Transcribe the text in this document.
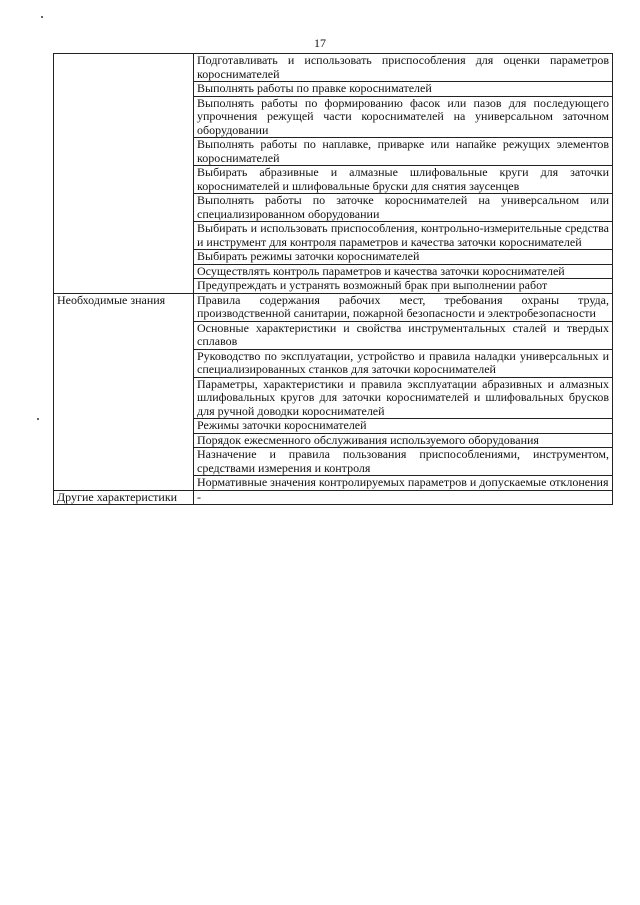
17
	Подготавливать и использовать приспособления для оценки параметров короснимателей
	Выполнять работы по правке короснимателей
	Выполнять работы по формированию фасок или пазов для последующего упрочнения режущей части короснимателей на универсальном заточном оборудовании
	Выполнять работы по наплавке, приварке или напайке режущих элементов короснимателей
	Выбирать абразивные и алмазные шлифовальные круги для заточки короснимателей и шлифовальные бруски для снятия заусенцев
	Выполнять работы по заточке короснимателей на универсальном или специализированном оборудовании
	Выбирать и использовать приспособления, контрольно-измерительные средства и инструмент для контроля параметров и качества заточки короснимателей
	Выбирать режимы заточки короснимателей
	Осуществлять контроль параметров и качества заточки короснимателей
	Предупреждать и устранять возможный брак при выполнении работ
Необходимые знания	Правила содержания рабочих мест, требования охраны труда, производственной санитарии, пожарной безопасности и электробезопасности
	Основные характеристики и свойства инструментальных сталей и твердых сплавов
	Руководство по эксплуатации, устройство и правила наладки универсальных и специализированных станков для заточки короснимателей
	Параметры, характеристики и правила эксплуатации абразивных и алмазных шлифовальных кругов для заточки короснимателей и шлифовальных брусков для ручной доводки короснимателей
	Режимы заточки короснимателей
	Порядок ежесменного обслуживания используемого оборудования
	Назначение и правила пользования приспособлениями, инструментом, средствами измерения и контроля
	Нормативные значения контролируемых параметров и допускаемые отклонения
Другие характеристики	-
